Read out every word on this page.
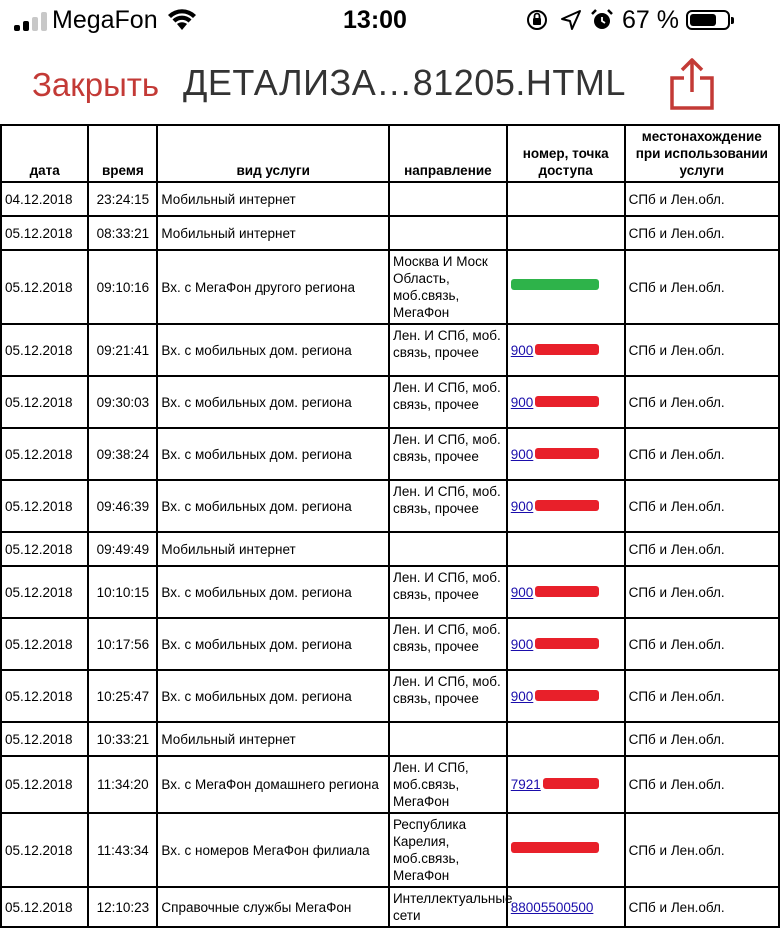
MegaFon	13:00	67 %
Закрыть ДЕТАЛИЗА…81205.HTML
дата	время	вид услуги	направление	номер, точка доступа	местонахождение при использовании услуги
04.12.2018	23:24:15	Мобильный интернет			СПб и Лен.обл.
05.12.2018	08:33:21	Мобильный интернет			СПб и Лен.обл.
05.12.2018	09:10:16	Вх. с МегаФон другого региона	Москва И Моск Область, моб.связь, МегаФон		СПб и Лен.обл.
05.12.2018	09:21:41	Вх. с мобильных дом. региона	Лен. И СПб, моб. связь, прочее	900	СПб и Лен.обл.
05.12.2018	09:30:03	Вх. с мобильных дом. региона	Лен. И СПб, моб. связь, прочее	900	СПб и Лен.обл.
05.12.2018	09:38:24	Вх. с мобильных дом. региона	Лен. И СПб, моб. связь, прочее	900	СПб и Лен.обл.
05.12.2018	09:46:39	Вх. с мобильных дом. региона	Лен. И СПб, моб. связь, прочее	900	СПб и Лен.обл.
05.12.2018	09:49:49	Мобильный интернет			СПб и Лен.обл.
05.12.2018	10:10:15	Вх. с мобильных дом. региона	Лен. И СПб, моб. связь, прочее	900	СПб и Лен.обл.
05.12.2018	10:17:56	Вх. с мобильных дом. региона	Лен. И СПб, моб. связь, прочее	900	СПб и Лен.обл.
05.12.2018	10:25:47	Вх. с мобильных дом. региона	Лен. И СПб, моб. связь, прочее	900	СПб и Лен.обл.
05.12.2018	10:33:21	Мобильный интернет			СПб и Лен.обл.
05.12.2018	11:34:20	Вх. с МегаФон домашнего региона	Лен. И СПб, моб.связь, МегаФон	7921	СПб и Лен.обл.
05.12.2018	11:43:34	Вх. с номеров МегаФон филиала	Республика Карелия, моб.связь, МегаФон		СПб и Лен.обл.
05.12.2018	12:10:23	Справочные службы МегаФон	Интеллектуальные сети	88005500500	СПб и Лен.обл.
